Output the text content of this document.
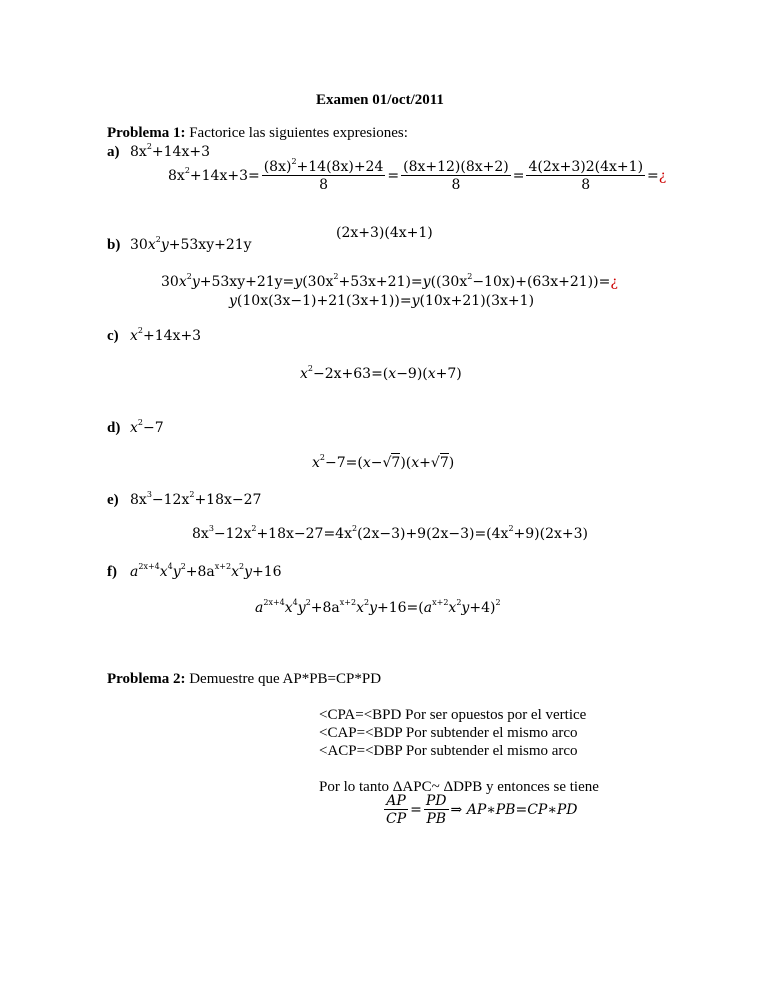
Examen 01/oct/2011
Problema 1: Factorice las siguientes expresiones:
a) $8x^2+14x+3$
$8x^2+14x+3= \frac{(8x)^2+14(8x)+24}{8} = \frac{(8x+12)(8x+2)}{8} = \frac{4(2x+3)2(4x+1)}{8}$ =¿
(2x+3)(4x+1)
b) $30x^2y+53xy+21y$
$30x^2y+53xy+21y=y(30x^2+53x+21)=y((30x^2-10x)+(63x+21))=¿$
y(10x(3x−1)+21(3x+1))=y(10x+21)(3x+1)
c) $x^2+14x+3$
$x^2-2x+63=(x-9)(x+7)$
d) $x^2-7$
$x^2-7=(x-√7)(x+√7)$
e) $8x^3-12x^2+18x-27$
$8x^3-12x^2+18x-27=4x^2(2x-3)+9(2x-3)=(4x^2+9)(2x+3)$
f) $a^{2x+4}x^4y^2+8a^{x+2}x^2y+16$
$a^{2x+4}x^4y^2+8a^{x+2}x^2y+16=(a^{x+2}x^2y+4)^2$
Problema 2: Demuestre que AP*PB=CP*PD
<CPA=<BPD Por ser opuestos por el vertice
<CAP=<BDP Por subtender el mismo arco
<ACP=<DBP Por subtender el mismo arco
Por lo tanto ΔAPC~ ΔDPB y entonces se tiene
$\frac{AP}{CP} = \frac{PD}{PB}$ ⇒ AP∗PB=CP∗PD
